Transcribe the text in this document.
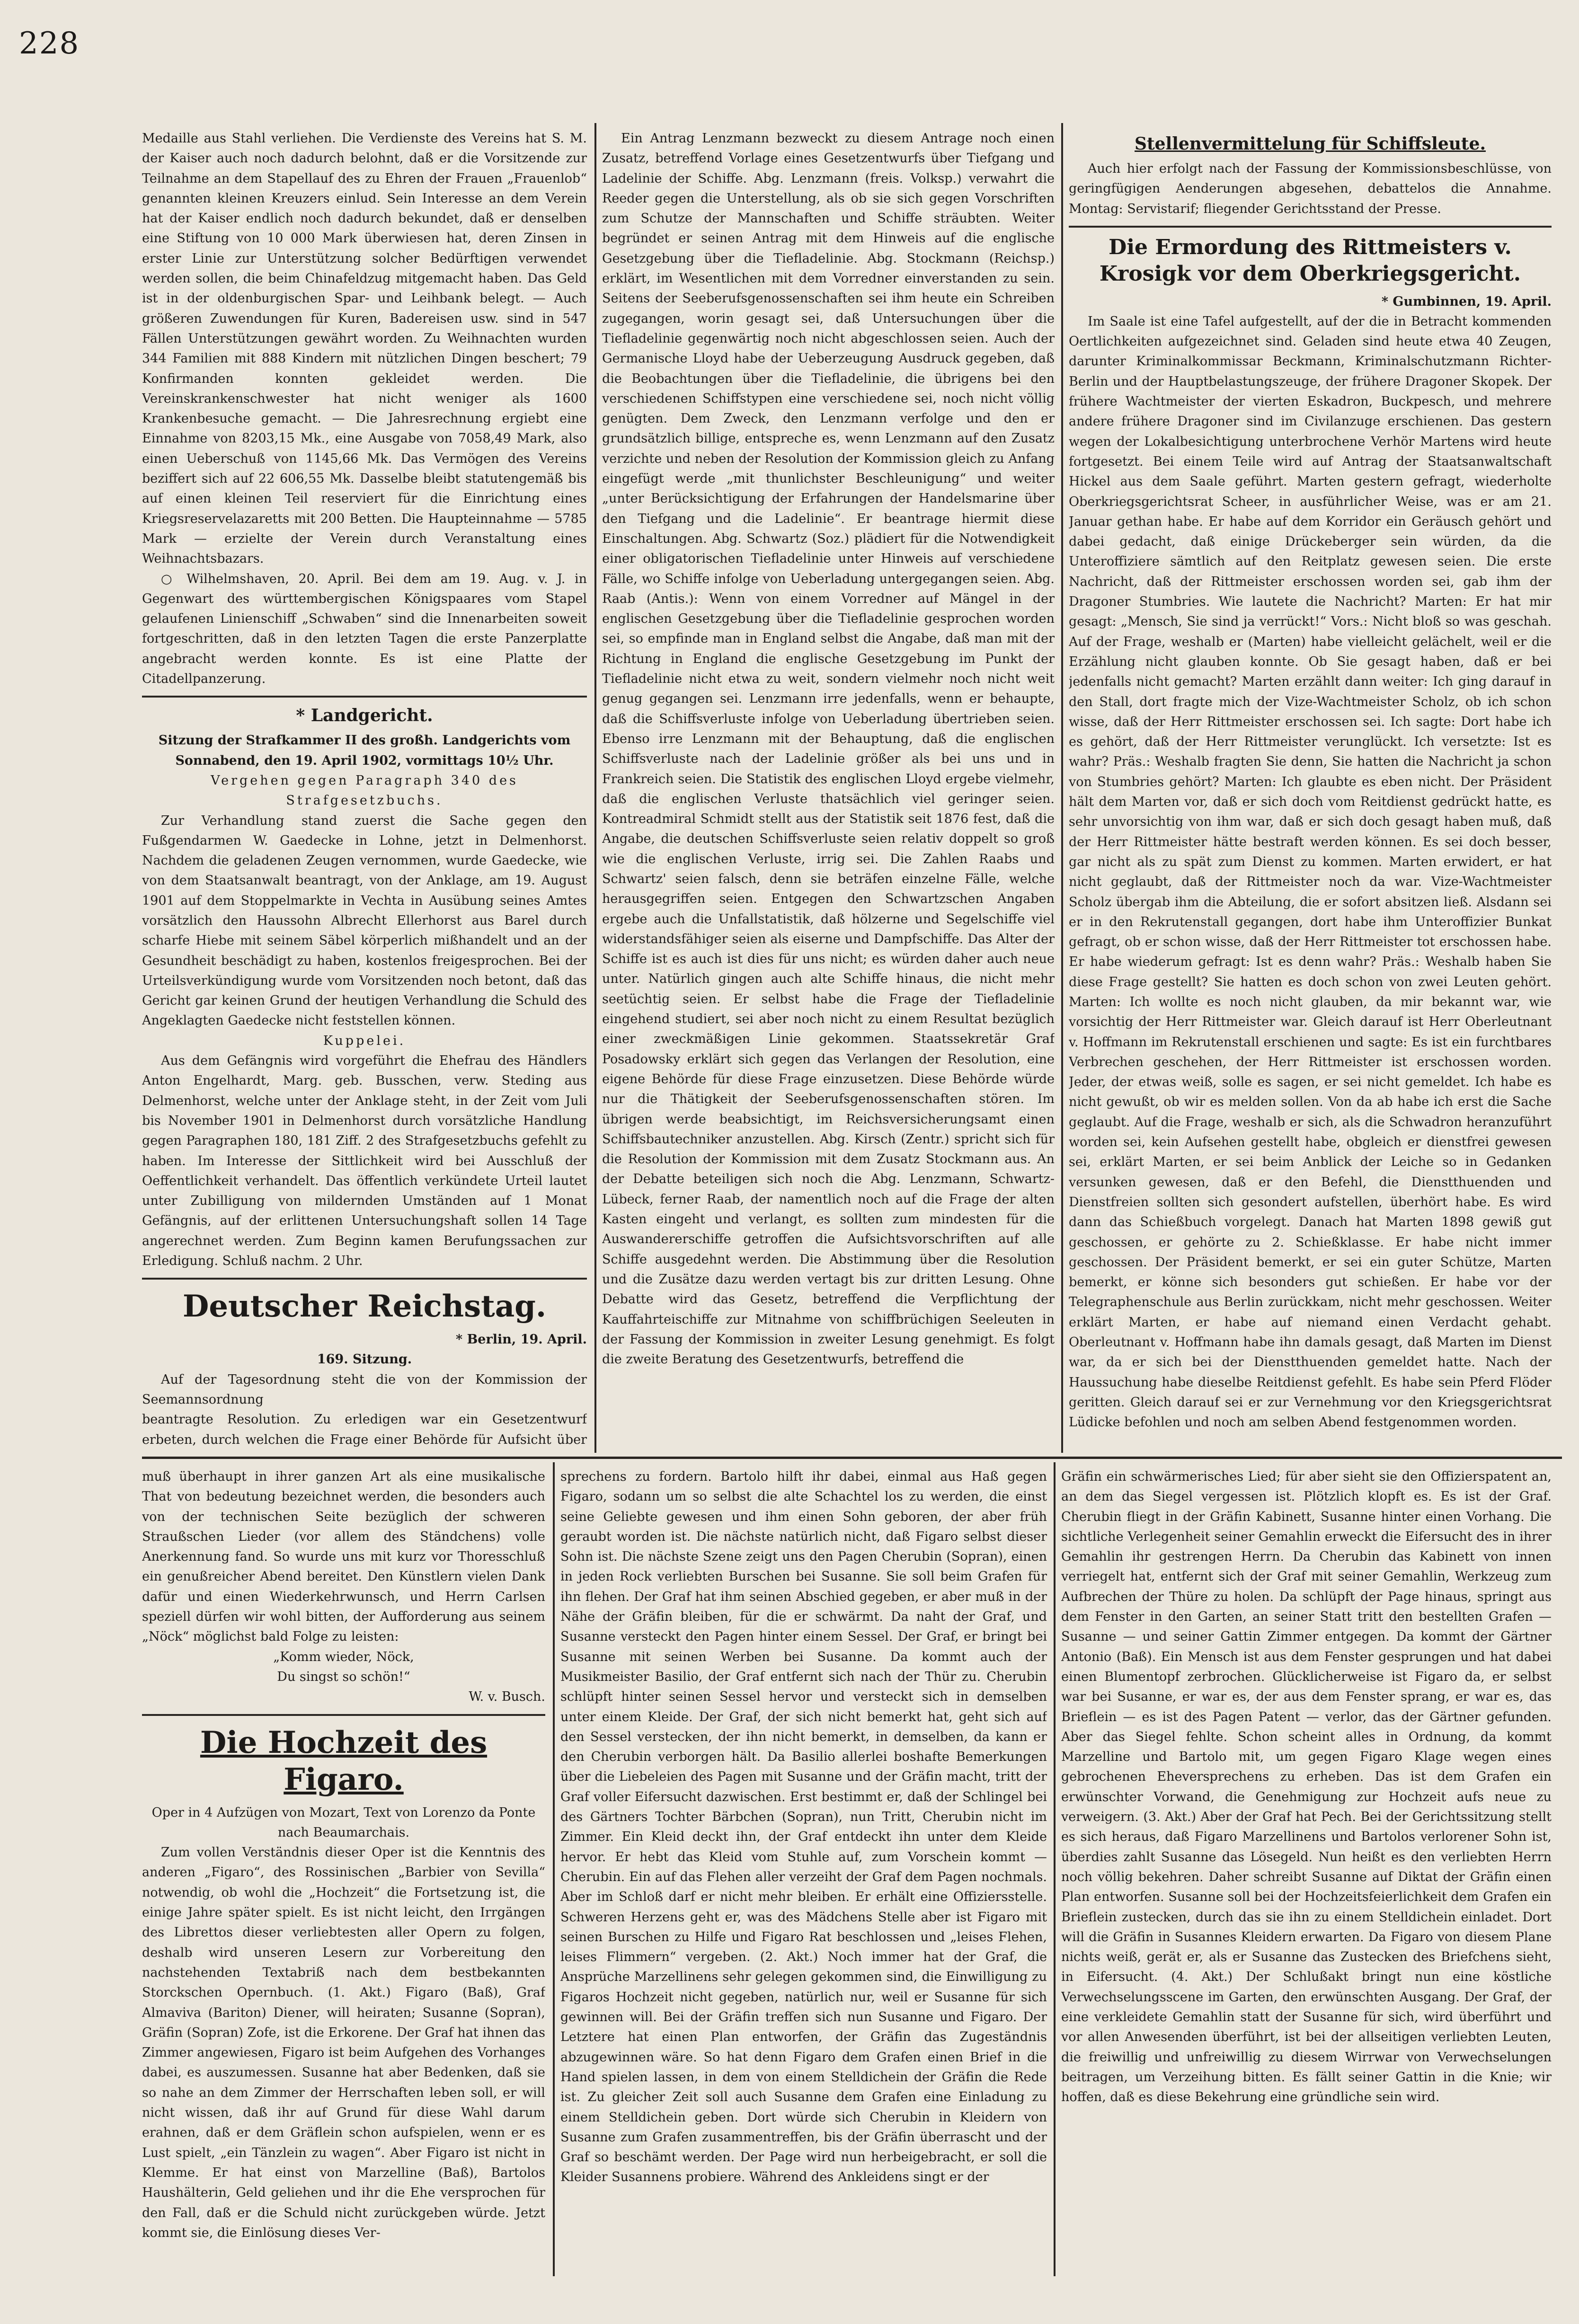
228

Medaille aus Stahl verliehen. Die Verdienste des Vereins hat S. M. der Kaiser auch noch dadurch belohnt, daß er die Vorsitzende zur Teilnahme an dem Stapellauf des zu Ehren der Frauen „Frauenlob“ genannten kleinen Kreuzers einlud. Sein Interesse an dem Verein hat der Kaiser endlich noch dadurch bekundet, daß er denselben eine Stiftung von 10 000 Mark überwiesen hat, deren Zinsen in erster Linie zur Unterstützung solcher Bedürftigen verwendet werden sollen, die beim Chinafeldzug mitgemacht haben. Das Geld ist in der oldenburgischen Spar- und Leihbank belegt. — Auch größeren Zuwendungen für Kuren, Badereisen usw. sind in 547 Fällen Unterstützungen gewährt worden. Zu Weihnachten wurden 344 Familien mit 888 Kindern mit nützlichen Dingen beschert; 79 Konfirmanden konnten gekleidet werden. Die Vereinskrankenschwester hat nicht weniger als 1600 Krankenbesuche gemacht. — Die Jahresrechnung ergiebt eine Einnahme von 8203,15 Mk., eine Ausgabe von 7058,49 Mark, also einen Ueberschuß von 1145,66 Mk. Das Vermögen des Vereins beziffert sich auf 22 606,55 Mk. Dasselbe bleibt statutengemäß bis auf einen kleinen Teil reserviert für die Einrichtung eines Kriegsreservelazaretts mit 200 Betten. Die Haupteinnahme — 5785 Mark — erzielte der Verein durch Veranstaltung eines Weihnachtsbazars.

○ Wilhelmshaven, 20. April. Bei dem am 19. Aug. v. J. in Gegenwart des württembergischen Königspaares vom Stapel gelaufenen Linienschiff „Schwaben“ sind die Innenarbeiten soweit fortgeschritten, daß in den letzten Tagen die erste Panzerplatte angebracht werden konnte. Es ist eine Platte der Citadellpanzerung.

* Landgericht.

Sitzung der Strafkammer II des großh. Landgerichts vom Sonnabend, den 19. April 1902, vormittags 10½ Uhr.

Vergehen gegen Paragraph 340 des Strafgesetzbuchs.

Zur Verhandlung stand zuerst die Sache gegen den Fußgendarmen W. Gaedecke in Lohne, jetzt in Delmenhorst. Nachdem die geladenen Zeugen vernommen, wurde Gaedecke, wie von dem Staatsanwalt beantragt, von der Anklage, am 19. August 1901 auf dem Stoppelmarkte in Vechta in Ausübung seines Amtes vorsätzlich den Haussohn Albrecht Ellerhorst aus Barel durch scharfe Hiebe mit seinem Säbel körperlich mißhandelt und an der Gesundheit beschädigt zu haben, kostenlos freigesprochen. Bei der Urteilsverkündigung wurde vom Vorsitzenden noch betont, daß das Gericht gar keinen Grund der heutigen Verhandlung die Schuld des Angeklagten Gaedecke nicht feststellen können.

Kuppelei.

Aus dem Gefängnis wird vorgeführt die Ehefrau des Händlers Anton Engelhardt, Marg. geb. Busschen, verw. Steding aus Delmenhorst, welche unter der Anklage steht, in der Zeit vom Juli bis November 1901 in Delmenhorst durch vorsätzliche Handlung gegen Paragraphen 180, 181 Ziff. 2 des Strafgesetzbuchs gefehlt zu haben. Im Interesse der Sittlichkeit wird bei Ausschluß der Oeffentlichkeit verhandelt. Das öffentlich verkündete Urteil lautet unter Zubilligung von mildernden Umständen auf 1 Monat Gefängnis, auf der erlittenen Untersuchungshaft sollen 14 Tage angerechnet werden. Zum Beginn kamen Berufungssachen zur Erledigung. Schluß nachm. 2 Uhr.

Deutscher Reichstag.

* Berlin, 19. April.

169. Sitzung.

Auf der Tagesordnung steht die von der Kommission der Seemannsordnung

beantragte Resolution. Zu erledigen war ein Gesetzentwurf erbeten, durch welchen die Frage einer Behörde für Aufsicht über

Ein Antrag Lenzmann bezweckt zu diesem Antrage noch einen Zusatz, betreffend Vorlage eines Gesetzentwurfs über Tiefgang und Ladelinie der Schiffe. Abg. Lenzmann (freis. Volksp.) verwahrt die Reeder gegen die Unterstellung, als ob sie sich gegen Vorschriften zum Schutze der Mannschaften und Schiffe sträubten. Weiter begründet er seinen Antrag mit dem Hinweis auf die englische Gesetzgebung über die Tiefladelinie. Abg. Stockmann (Reichsp.) erklärt, im Wesentlichen mit dem Vorredner einverstanden zu sein. Seitens der Seeberufsgenossenschaften sei ihm heute ein Schreiben zugegangen, worin gesagt sei, daß Untersuchungen über die Tiefladelinie gegenwärtig noch nicht abgeschlossen seien. Auch der Germanische Lloyd habe der Ueberzeugung Ausdruck gegeben, daß die Beobachtungen über die Tiefladelinie, die übrigens bei den verschiedenen Schiffstypen eine verschiedene sei, noch nicht völlig genügten. Dem Zweck, den Lenzmann verfolge und den er grundsätzlich billige, entspreche es, wenn Lenzmann auf den Zusatz verzichte und neben der Resolution der Kommission gleich zu Anfang eingefügt werde „mit thunlichster Beschleunigung“ und weiter „unter Berücksichtigung der Erfahrungen der Handelsmarine über den Tiefgang und die Ladelinie“. Er beantrage hiermit diese Einschaltungen. Abg. Schwartz (Soz.) plädiert für die Notwendigkeit einer obligatorischen Tiefladelinie unter Hinweis auf verschiedene Fälle, wo Schiffe infolge von Ueberladung untergegangen seien. Abg. Raab (Antis.): Wenn von einem Vorredner auf Mängel in der englischen Gesetzgebung über die Tiefladelinie gesprochen worden sei, so empfinde man in England selbst die Angabe, daß man mit der Richtung in England die englische Gesetzgebung im Punkt der Tiefladelinie nicht etwa zu weit, sondern vielmehr noch nicht weit genug gegangen sei. Lenzmann irre jedenfalls, wenn er behaupte, daß die Schiffsverluste infolge von Ueberladung übertrieben seien. Ebenso irre Lenzmann mit der Behauptung, daß die englischen Schiffsverluste nach der Ladelinie größer als bei uns und in Frankreich seien. Die Statistik des englischen Lloyd ergebe vielmehr, daß die englischen Verluste thatsächlich viel geringer seien. Kontreadmiral Schmidt stellt aus der Statistik seit 1876 fest, daß die Angabe, die deutschen Schiffsverluste seien relativ doppelt so groß wie die englischen Verluste, irrig sei. Die Zahlen Raabs und Schwartz' seien falsch, denn sie beträfen einzelne Fälle, welche herausgegriffen seien. Entgegen den Schwartzschen Angaben ergebe auch die Unfallstatistik, daß hölzerne und Segelschiffe viel widerstandsfähiger seien als eiserne und Dampfschiffe. Das Alter der Schiffe ist es auch ist dies für uns nicht; es würden daher auch neue unter. Natürlich gingen auch alte Schiffe hinaus, die nicht mehr seetüchtig seien. Er selbst habe die Frage der Tiefladelinie eingehend studiert, sei aber noch nicht zu einem Resultat bezüglich einer zweckmäßigen Linie gekommen. Staatssekretär Graf Posadowsky erklärt sich gegen das Verlangen der Resolution, eine eigene Behörde für diese Frage einzusetzen. Diese Behörde würde nur die Thätigkeit der Seeberufsgenossenschaften stören. Im übrigen werde beabsichtigt, im Reichsversicherungsamt einen Schiffsbautechniker anzustellen. Abg. Kirsch (Zentr.) spricht sich für die Resolution der Kommission mit dem Zusatz Stockmann aus. An der Debatte beteiligen sich noch die Abg. Lenzmann, Schwartz-Lübeck, ferner Raab, der namentlich noch auf die Frage der alten Kasten eingeht und verlangt, es sollten zum mindesten für die Auswandererschiffe getroffen die Aufsichtsvorschriften auf alle Schiffe ausgedehnt werden. Die Abstimmung über die Resolution und die Zusätze dazu werden vertagt bis zur dritten Lesung. Ohne Debatte wird das Gesetz, betreffend die Verpflichtung der Kauffahrteischiffe zur Mitnahme von schiffbrüchigen Seeleuten in der Fassung der Kommission in zweiter Lesung genehmigt. Es folgt die zweite Beratung des Gesetzentwurfs, betreffend die

Stellenvermittelung für Schiffsleute.

Auch hier erfolgt nach der Fassung der Kommissionsbeschlüsse, von geringfügigen Aenderungen abgesehen, debattelos die Annahme. Montag: Servistarif; fliegender Gerichtsstand der Presse.

Die Ermordung des Rittmeisters v. Krosigk vor dem Oberkriegsgericht.

* Gumbinnen, 19. April.

Im Saale ist eine Tafel aufgestellt, auf der die in Betracht kommenden Oertlichkeiten aufgezeichnet sind. Geladen sind heute etwa 40 Zeugen, darunter Kriminalkommissar Beckmann, Kriminalschutzmann Richter-Berlin und der Hauptbelastungszeuge, der frühere Dragoner Skopek. Der frühere Wachtmeister der vierten Eskadron, Buckpesch, und mehrere andere frühere Dragoner sind im Civilanzuge erschienen. Das gestern wegen der Lokalbesichtigung unterbrochene Verhör Martens wird heute fortgesetzt. Bei einem Teile wird auf Antrag der Staatsanwaltschaft Hickel aus dem Saale geführt. Marten gestern gefragt, wiederholte Oberkriegsgerichtsrat Scheer, in ausführlicher Weise, was er am 21. Januar gethan habe. Er habe auf dem Korridor ein Geräusch gehört und dabei gedacht, daß einige Drückeberger sein würden, da die Unteroffiziere sämtlich auf den Reitplatz gewesen seien. Die erste Nachricht, daß der Rittmeister erschossen worden sei, gab ihm der Dragoner Stumbries. Wie lautete die Nachricht? Marten: Er hat mir gesagt: „Mensch, Sie sind ja verrückt!“ Vors.: Nicht bloß so was geschah. Auf der Frage, weshalb er (Marten) habe vielleicht gelächelt, weil er die Erzählung nicht glauben konnte. Ob Sie gesagt haben, daß er bei jedenfalls nicht gemacht? Marten erzählt dann weiter: Ich ging darauf in den Stall, dort fragte mich der Vize-Wachtmeister Scholz, ob ich schon wisse, daß der Herr Rittmeister erschossen sei. Ich sagte: Dort habe ich es gehört, daß der Herr Rittmeister verunglückt. Ich versetzte: Ist es wahr? Präs.: Weshalb fragten Sie denn, Sie hatten die Nachricht ja schon von Stumbries gehört? Marten: Ich glaubte es eben nicht. Der Präsident hält dem Marten vor, daß er sich doch vom Reitdienst gedrückt hatte, es sehr unvorsichtig von ihm war, daß er sich doch gesagt haben muß, daß der Herr Rittmeister hätte bestraft werden können. Es sei doch besser, gar nicht als zu spät zum Dienst zu kommen. Marten erwidert, er hat nicht geglaubt, daß der Rittmeister noch da war. Vize-Wachtmeister Scholz übergab ihm die Abteilung, die er sofort absitzen ließ. Alsdann sei er in den Rekrutenstall gegangen, dort habe ihm Unteroffizier Bunkat gefragt, ob er schon wisse, daß der Herr Rittmeister tot erschossen habe. Er habe wiederum gefragt: Ist es denn wahr? Präs.: Weshalb haben Sie diese Frage gestellt? Sie hatten es doch schon von zwei Leuten gehört. Marten: Ich wollte es noch nicht glauben, da mir bekannt war, wie vorsichtig der Herr Rittmeister war. Gleich darauf ist Herr Oberleutnant v. Hoffmann im Rekrutenstall erschienen und sagte: Es ist ein furchtbares Verbrechen geschehen, der Herr Rittmeister ist erschossen worden. Jeder, der etwas weiß, solle es sagen, er sei nicht gemeldet. Ich habe es nicht gewußt, ob wir es melden sollen. Von da ab habe ich erst die Sache geglaubt. Auf die Frage, weshalb er sich, als die Schwadron heranzuführt worden sei, kein Aufsehen gestellt habe, obgleich er dienstfrei gewesen sei, erklärt Marten, er sei beim Anblick der Leiche so in Gedanken versunken gewesen, daß er den Befehl, die Dienstthuenden und Dienstfreien sollten sich gesondert aufstellen, überhört habe. Es wird dann das Schießbuch vorgelegt. Danach hat Marten 1898 gewiß gut geschossen, er gehörte zu 2. Schießklasse. Er habe nicht immer geschossen. Der Präsident bemerkt, er sei ein guter Schütze, Marten bemerkt, er könne sich besonders gut schießen. Er habe vor der Telegraphenschule aus Berlin zurückkam, nicht mehr geschossen. Weiter erklärt Marten, er habe auf niemand einen Verdacht gehabt. Oberleutnant v. Hoffmann habe ihn damals gesagt, daß Marten im Dienst war, da er sich bei der Dienstthuenden gemeldet hatte. Nach der Haussuchung habe dieselbe Reitdienst gefehlt. Es habe sein Pferd Flöder geritten. Gleich darauf sei er zur Vernehmung vor den Kriegsgerichtsrat Lüdicke befohlen und noch am selben Abend festgenommen worden.

muß überhaupt in ihrer ganzen Art als eine musikalische That von bedeutung bezeichnet werden, die besonders auch von der technischen Seite bezüglich der schweren Straußschen Lieder (vor allem des Ständchens) volle Anerkennung fand. So wurde uns mit kurz vor Thoresschluß ein genußreicher Abend bereitet. Den Künstlern vielen Dank dafür und einen Wiederkehrwunsch, und Herrn Carlsen speziell dürfen wir wohl bitten, der Aufforderung aus seinem „Nöck“ möglichst bald Folge zu leisten:

„Komm wieder, Nöck,

Du singst so schön!“

W. v. Busch.

Die Hochzeit des Figaro.

Oper in 4 Aufzügen von Mozart, Text von Lorenzo da Ponte nach Beaumarchais.

Zum vollen Verständnis dieser Oper ist die Kenntnis des anderen „Figaro“, des Rossinischen „Barbier von Sevilla“ notwendig, ob wohl die „Hochzeit“ die Fortsetzung ist, die einige Jahre später spielt. Es ist nicht leicht, den Irrgängen des Librettos dieser verliebtesten aller Opern zu folgen, deshalb wird unseren Lesern zur Vorbereitung den nachstehenden Textabriß nach dem bestbekannten Storckschen Opernbuch. (1. Akt.) Figaro (Baß), Graf Almaviva (Bariton) Diener, will heiraten; Susanne (Sopran), Gräfin (Sopran) Zofe, ist die Erkorene. Der Graf hat ihnen das Zimmer angewiesen, Figaro ist beim Aufgehen des Vorhanges dabei, es auszumessen. Susanne hat aber Bedenken, daß sie so nahe an dem Zimmer der Herrschaften leben soll, er will nicht wissen, daß ihr auf Grund für diese Wahl darum erahnen, daß er dem Gräflein schon aufspielen, wenn er es Lust spielt, „ein Tänzlein zu wagen“. Aber Figaro ist nicht in Klemme. Er hat einst von Marzelline (Baß), Bartolos Haushälterin, Geld geliehen und ihr die Ehe versprochen für den Fall, daß er die Schuld nicht zurückgeben würde. Jetzt kommt sie, die Einlösung dieses Ver-

sprechens zu fordern. Bartolo hilft ihr dabei, einmal aus Haß gegen Figaro, sodann um so selbst die alte Schachtel los zu werden, die einst seine Geliebte gewesen und ihm einen Sohn geboren, der aber früh geraubt worden ist. Die nächste natürlich nicht, daß Figaro selbst dieser Sohn ist. Die nächste Szene zeigt uns den Pagen Cherubin (Sopran), einen in jeden Rock verliebten Burschen bei Susanne. Sie soll beim Grafen für ihn flehen. Der Graf hat ihm seinen Abschied gegeben, er aber muß in der Nähe der Gräfin bleiben, für die er schwärmt. Da naht der Graf, und Susanne versteckt den Pagen hinter einem Sessel. Der Graf, er bringt bei Susanne mit seinen Werben bei Susanne. Da kommt auch der Musikmeister Basilio, der Graf entfernt sich nach der Thür zu. Cherubin schlüpft hinter seinen Sessel hervor und versteckt sich in demselben unter einem Kleide. Der Graf, der sich nicht bemerkt hat, geht sich auf den Sessel verstecken, der ihn nicht bemerkt, in demselben, da kann er den Cherubin verborgen hält. Da Basilio allerlei boshafte Bemerkungen über die Liebeleien des Pagen mit Susanne und der Gräfin macht, tritt der Graf voller Eifersucht dazwischen. Erst bestimmt er, daß der Schlingel bei des Gärtners Tochter Bärbchen (Sopran), nun Tritt, Cherubin nicht im Zimmer. Ein Kleid deckt ihn, der Graf entdeckt ihn unter dem Kleide hervor. Er hebt das Kleid vom Stuhle auf, zum Vorschein kommt — Cherubin. Ein auf das Flehen aller verzeiht der Graf dem Pagen nochmals. Aber im Schloß darf er nicht mehr bleiben. Er erhält eine Offiziersstelle. Schweren Herzens geht er, was des Mädchens Stelle aber ist Figaro mit seinen Burschen zu Hilfe und Figaro Rat beschlossen und „leises Flehen, leises Flimmern“ vergeben. (2. Akt.) Noch immer hat der Graf, die Ansprüche Marzellinens sehr gelegen gekommen sind, die Einwilligung zu Figaros Hochzeit nicht gegeben, natürlich nur, weil er Susanne für sich gewinnen will. Bei der Gräfin treffen sich nun Susanne und Figaro. Der Letztere hat einen Plan entworfen, der Gräfin das Zugeständnis abzugewinnen wäre. So hat denn Figaro dem Grafen einen Brief in die Hand spielen lassen, in dem von einem Stelldichein der Gräfin die Rede ist. Zu gleicher Zeit soll auch Susanne dem Grafen eine Einladung zu einem Stelldichein geben. Dort würde sich Cherubin in Kleidern von Susanne zum Grafen zusammentreffen, bis der Gräfin überrascht und der Graf so beschämt werden. Der Page wird nun herbeigebracht, er soll die Kleider Susannens probiere. Während des Ankleidens singt er der

Gräfin ein schwärmerisches Lied; für aber sieht sie den Offizierspatent an, an dem das Siegel vergessen ist. Plötzlich klopft es. Es ist der Graf. Cherubin fliegt in der Gräfin Kabinett, Susanne hinter einen Vorhang. Die sichtliche Verlegenheit seiner Gemahlin erweckt die Eifersucht des in ihrer Gemahlin ihr gestrengen Herrn. Da Cherubin das Kabinett von innen verriegelt hat, entfernt sich der Graf mit seiner Gemahlin, Werkzeug zum Aufbrechen der Thüre zu holen. Da schlüpft der Page hinaus, springt aus dem Fenster in den Garten, an seiner Statt tritt den bestellten Grafen — Susanne — und seiner Gattin Zimmer entgegen. Da kommt der Gärtner Antonio (Baß). Ein Mensch ist aus dem Fenster gesprungen und hat dabei einen Blumentopf zerbrochen. Glücklicherweise ist Figaro da, er selbst war bei Susanne, er war es, der aus dem Fenster sprang, er war es, das Brieflein — es ist des Pagen Patent — verlor, das der Gärtner gefunden. Aber das Siegel fehlte. Schon scheint alles in Ordnung, da kommt Marzelline und Bartolo mit, um gegen Figaro Klage wegen eines gebrochenen Eheversprechens zu erheben. Das ist dem Grafen ein erwünschter Vorwand, die Genehmigung zur Hochzeit aufs neue zu verweigern. (3. Akt.) Aber der Graf hat Pech. Bei der Gerichtssitzung stellt es sich heraus, daß Figaro Marzellinens und Bartolos verlorener Sohn ist, überdies zahlt Susanne das Lösegeld. Nun heißt es den verliebten Herrn noch völlig bekehren. Daher schreibt Susanne auf Diktat der Gräfin einen Plan entworfen. Susanne soll bei der Hochzeitsfeierlichkeit dem Grafen ein Brieflein zustecken, durch das sie ihn zu einem Stelldichein einladet. Dort will die Gräfin in Susannes Kleidern erwarten. Da Figaro von diesem Plane nichts weiß, gerät er, als er Susanne das Zustecken des Briefchens sieht, in Eifersucht. (4. Akt.) Der Schlußakt bringt nun eine köstliche Verwechselungsscene im Garten, den erwünschten Ausgang. Der Graf, der eine verkleidete Gemahlin statt der Susanne für sich, wird überführt und vor allen Anwesenden überführt, ist bei der allseitigen verliebten Leuten, die freiwillig und unfreiwillig zu diesem Wirrwar von Verwechselungen beitragen, um Verzeihung bitten. Es fällt seiner Gattin in die Knie; wir hoffen, daß es diese Bekehrung eine gründliche sein wird.
